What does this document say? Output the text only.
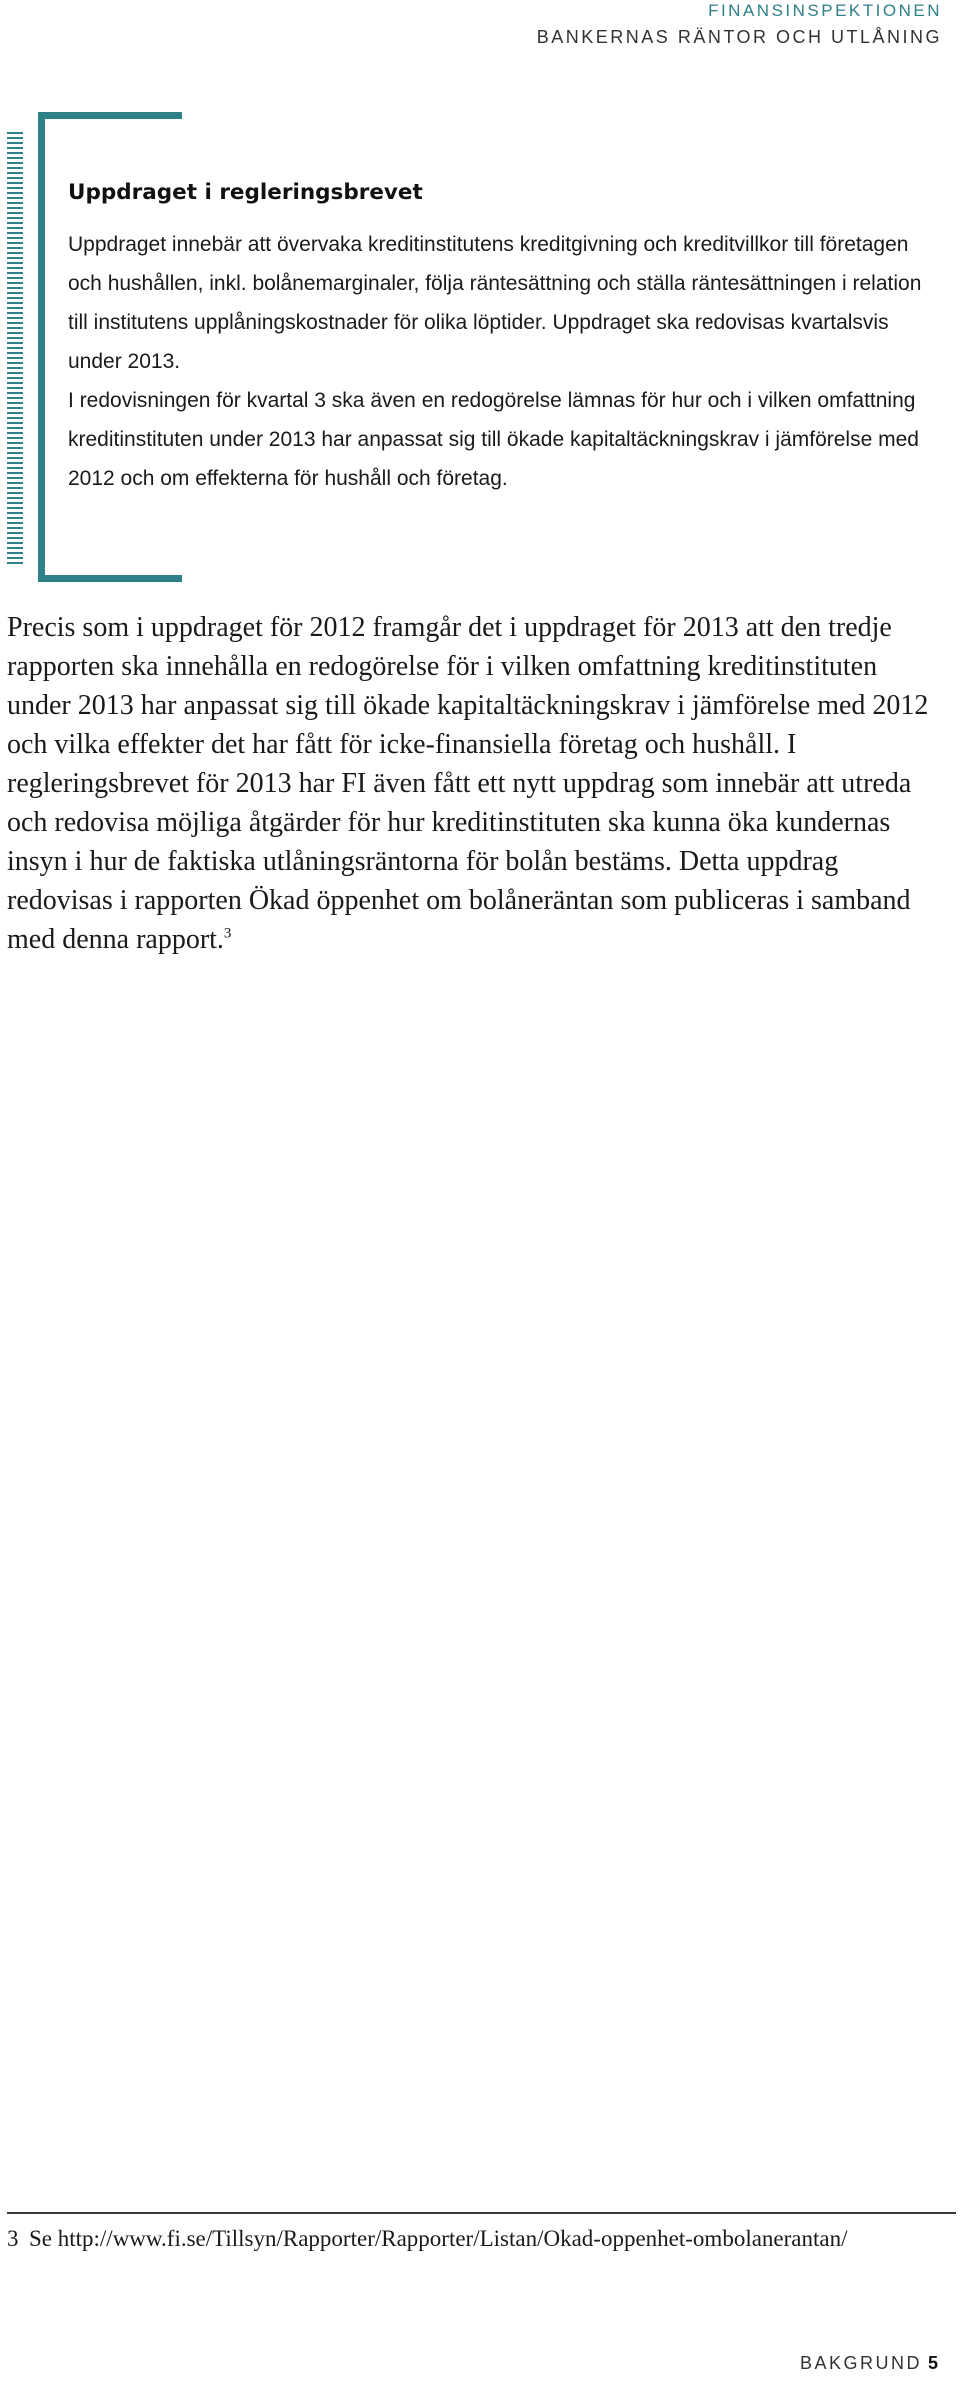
FINANSINSPEKTIONEN
BANKERNAS RÄNTOR OCH UTLÅNING
Uppdraget i regleringsbrevet

Uppdraget innebär att övervaka kreditinstitutens kreditgivning och kreditvillkor till företagen och hushållen, inkl. bolånemarginaler, följa räntesättning och ställa räntesättningen i relation till institutens upplåningskostnader för olika löptider. Uppdraget ska redovisas kvartalsvis under 2013.

I redovisningen för kvartal 3 ska även en redogörelse lämnas för hur och i vilken omfattning kreditinstituten under 2013 har anpassat sig till ökade kapitaltäckningskrav i jämförelse med 2012 och om effekterna för hushåll och företag.

Precis som i uppdraget för 2012 framgår det i uppdraget för 2013 att den tredje rapporten ska innehålla en redogörelse för i vilken omfattning kreditinstituten under 2013 har anpassat sig till ökade kapitaltäckningskrav i jämförelse med 2012 och vilka effekter det har fått för icke-finansiella företag och hushåll. I regleringsbrevet för 2013 har FI även fått ett nytt uppdrag som innebär att utreda och redovisa möjliga åtgärder för hur kreditinstituten ska kunna öka kundernas insyn i hur de faktiska utlåningsräntorna för bolån bestäms. Detta uppdrag redovisas i rapporten Ökad öppenhet om bolåneräntan som publiceras i samband med denna rapport.$^3$

3 Se http://www.fi.se/Tillsyn/Rapporter/Rapporter/Listan/Okad-oppenhet-ombolanerantan/
BAKGRUND 5
